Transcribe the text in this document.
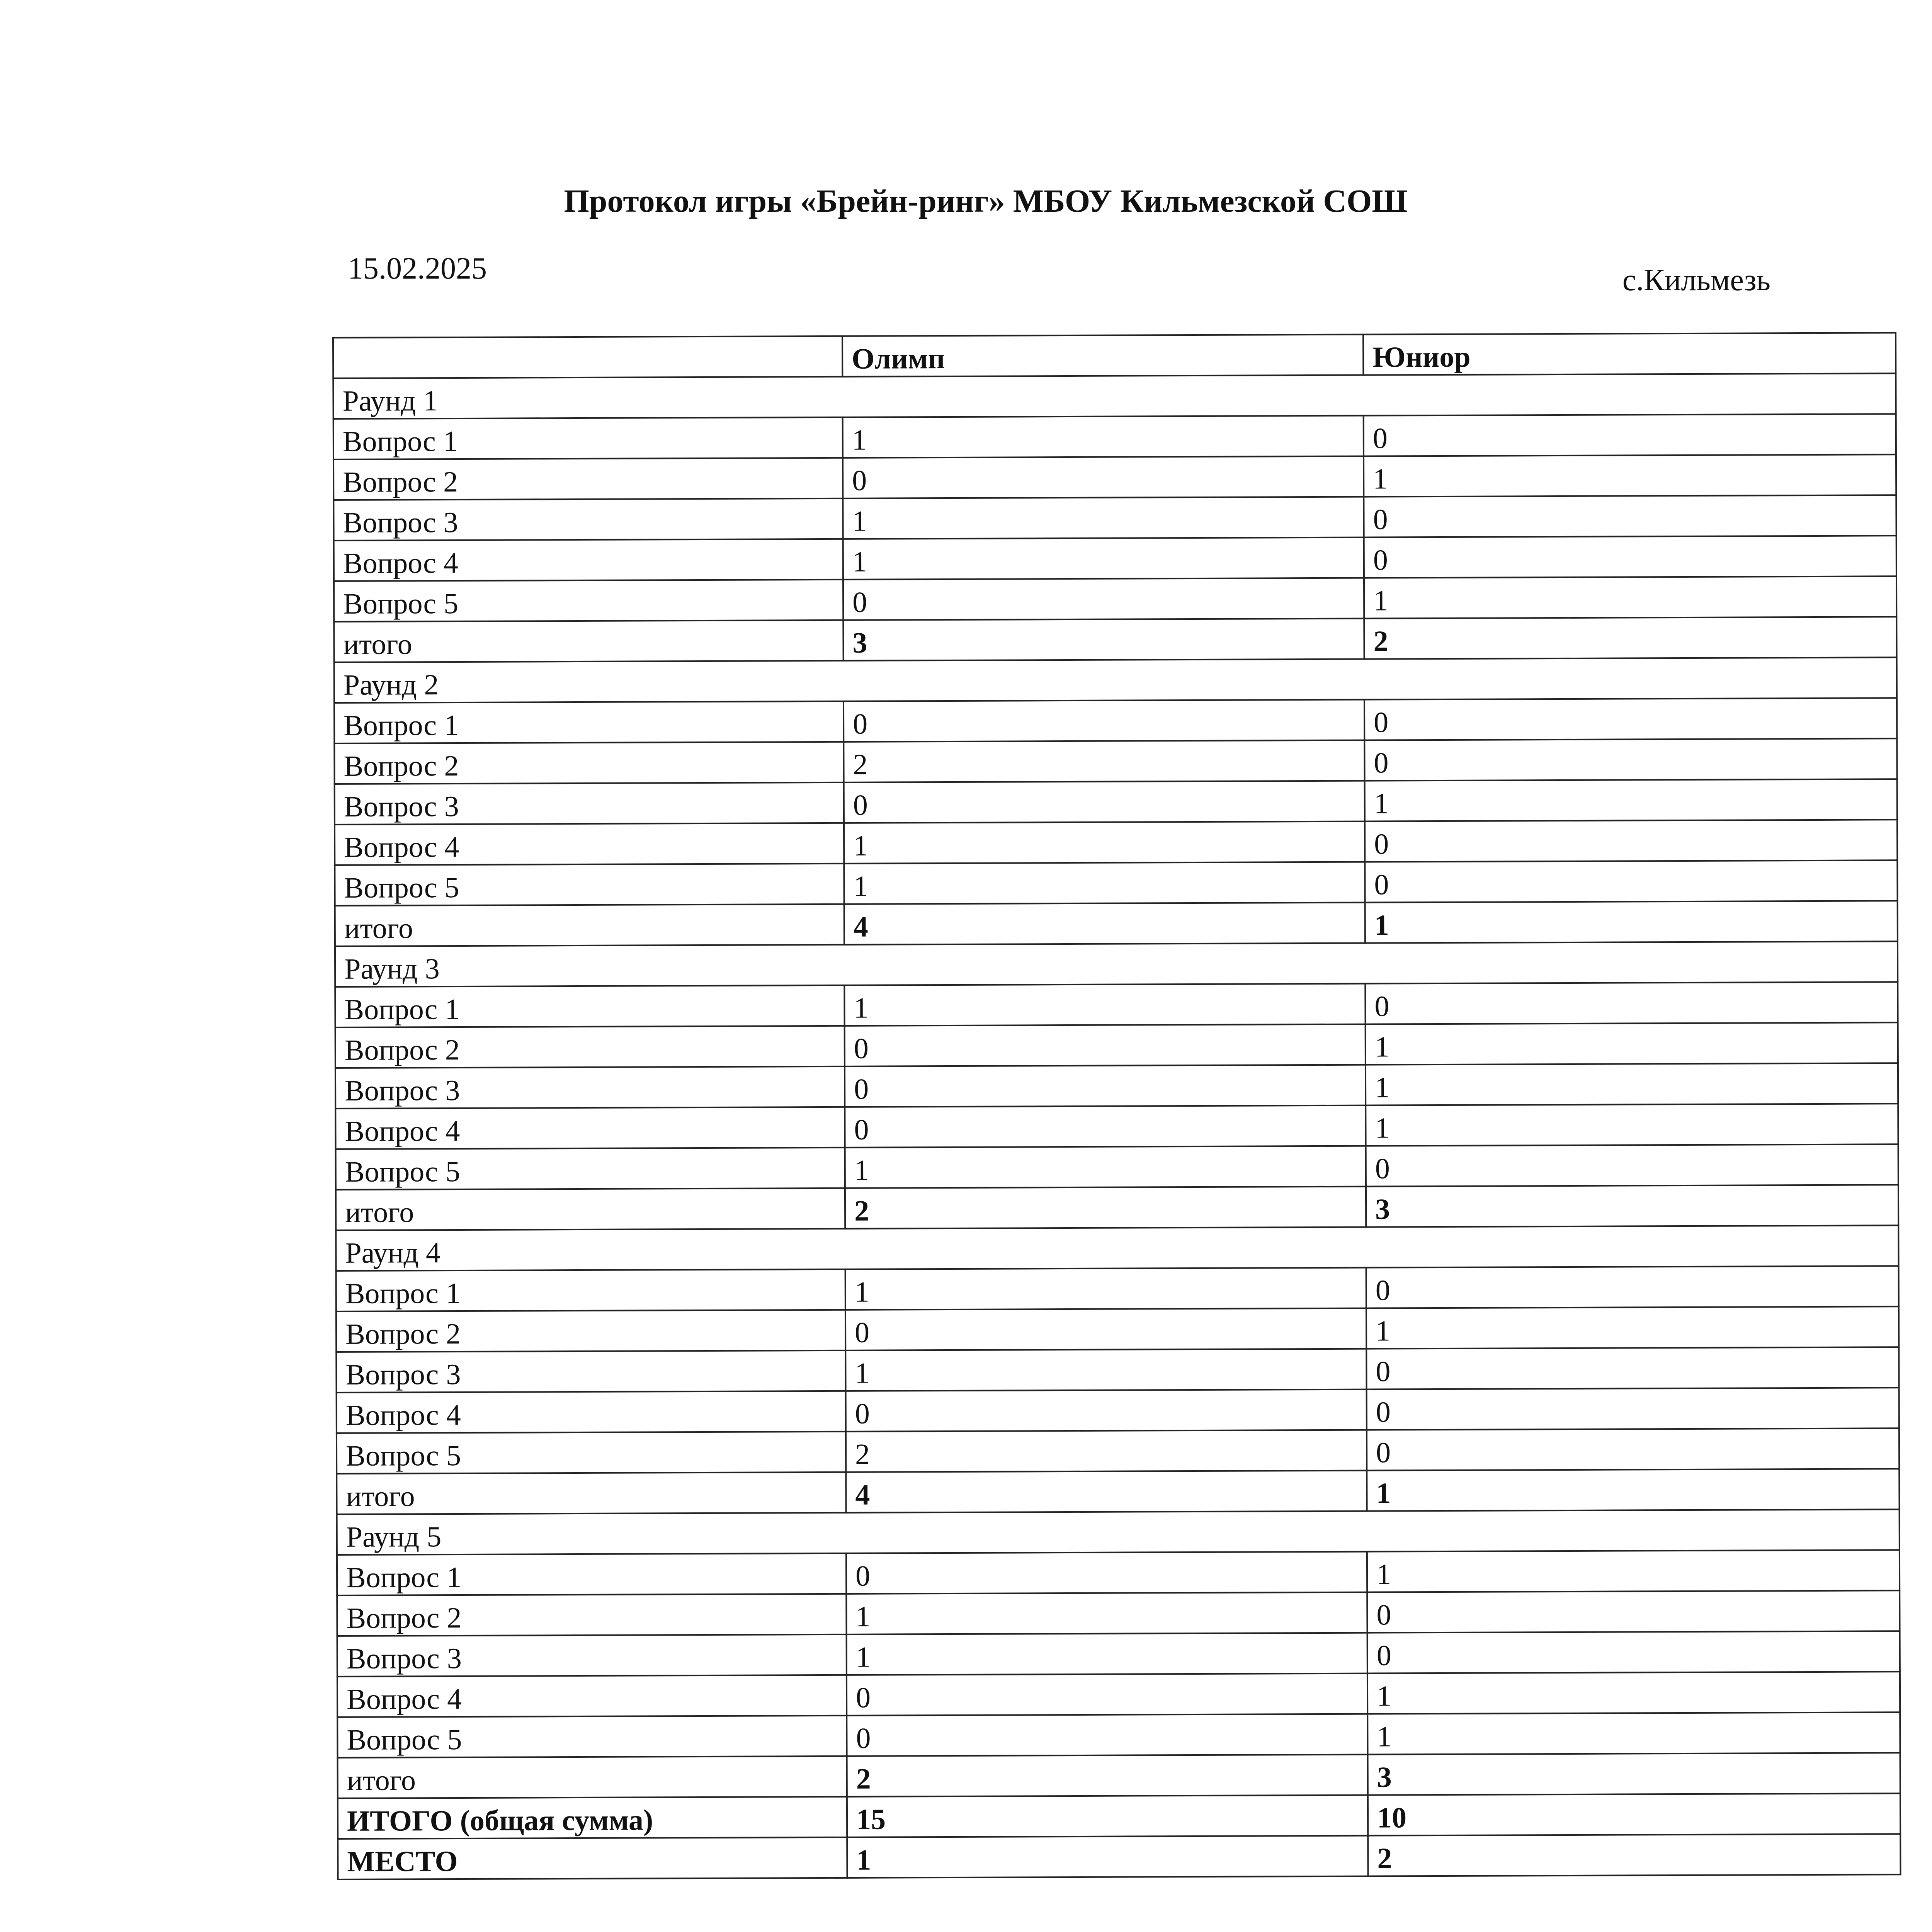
Протокол игры «Брейн-ринг» МБОУ Кильмезской СОШ
15.02.2025	с.Кильмезь
	Олимп	Юниор
Раунд 1		
Вопрос 1	1	0
Вопрос 2	0	1
Вопрос 3	1	0
Вопрос 4	1	0
Вопрос 5	0	1
итого	3	2
Раунд 2		
Вопрос 1	0	0
Вопрос 2	2	0
Вопрос 3	0	1
Вопрос 4	1	0
Вопрос 5	1	0
итого	4	1
Раунд 3		
Вопрос 1	1	0
Вопрос 2	0	1
Вопрос 3	0	1
Вопрос 4	0	1
Вопрос 5	1	0
итого	2	3
Раунд 4		
Вопрос 1	1	0
Вопрос 2	0	1
Вопрос 3	1	0
Вопрос 4	0	0
Вопрос 5	2	0
итого	4	1
Раунд 5		
Вопрос 1	0	1
Вопрос 2	1	0
Вопрос 3	1	0
Вопрос 4	0	1
Вопрос 5	0	1
итого	2	3
ИТОГО (общая сумма)	15	10
МЕСТО	1	2
